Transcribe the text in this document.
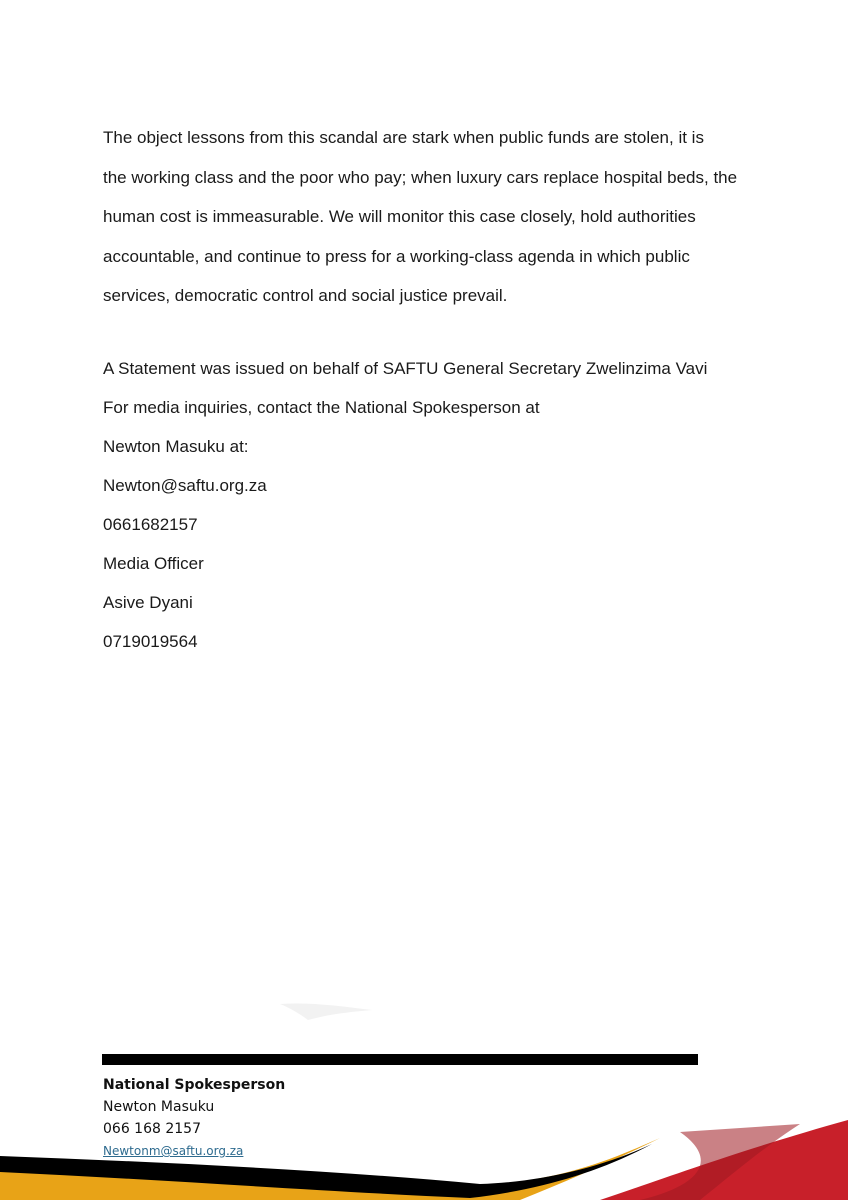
The object lessons from this scandal are stark when public funds are stolen, it is
the working class and the poor who pay; when luxury cars replace hospital beds, the
human cost is immeasurable. We will monitor this case closely, hold authorities
accountable, and continue to press for a working-class agenda in which public
services, democratic control and social justice prevail.
A Statement was issued on behalf of SAFTU General Secretary Zwelinzima Vavi
For media inquiries, contact the National Spokesperson at
Newton Masuku at:
Newton@saftu.org.za
0661682157
Media Officer
Asive Dyani
0719019564
National Spokesperson
Newton Masuku
066 168 2157
Newtonm@saftu.org.za
